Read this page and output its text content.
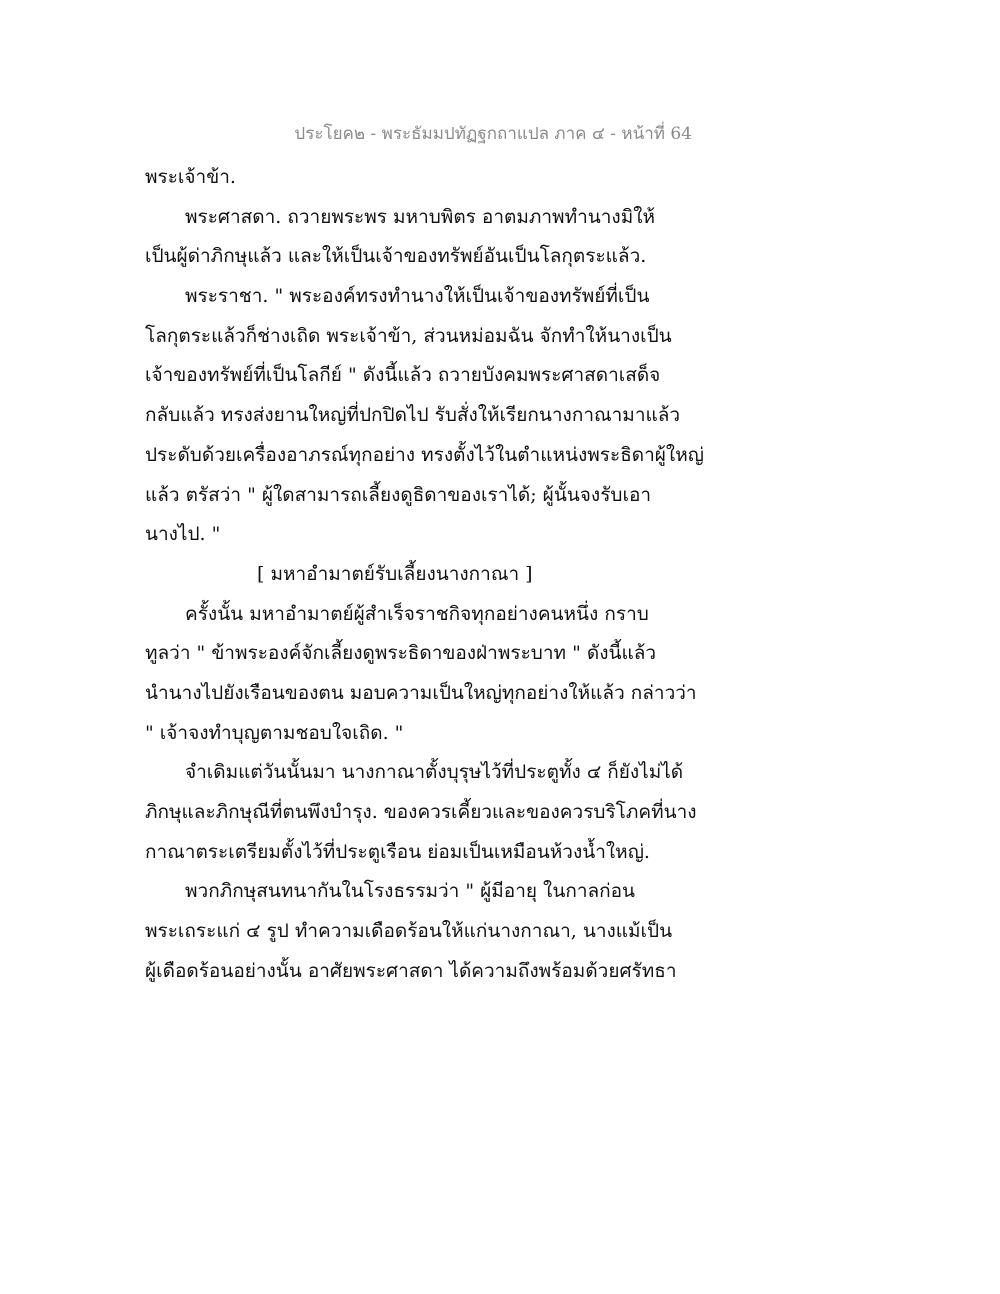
ประโยค๒ - พระธัมมปทัฏฐกถาแปล ภาค ๔ - หน้าที่ 64
พระเจ้าข้า.
พระศาสดา. ถวายพระพร มหาบพิตร อาตมภาพทำนางมิให้
เป็นผู้ด่าภิกษุแล้ว และให้เป็นเจ้าของทรัพย์อันเป็นโลกุตระแล้ว.
พระราชา. " พระองค์ทรงทำนางให้เป็นเจ้าของทรัพย์ที่เป็น
โลกุตระแล้วก็ช่างเถิด พระเจ้าข้า, ส่วนหม่อมฉัน จักทำให้นางเป็น
เจ้าของทรัพย์ที่เป็นโลกีย์ " ดังนี้แล้ว ถวายบังคมพระศาสดาเสด็จ
กลับแล้ว ทรงส่งยานใหญ่ที่ปกปิดไป รับสั่งให้เรียกนางกาณามาแล้ว
ประดับด้วยเครื่องอาภรณ์ทุกอย่าง ทรงตั้งไว้ในตำแหน่งพระธิดาผู้ใหญ่
แล้ว ตรัสว่า " ผู้ใดสามารถเลี้ยงดูธิดาของเราได้; ผู้นั้นจงรับเอา
นางไป. "
[ มหาอำมาตย์รับเลี้ยงนางกาณา ]
ครั้งนั้น มหาอำมาตย์ผู้สำเร็จราชกิจทุกอย่างคนหนึ่ง กราบ
ทูลว่า " ข้าพระองค์จักเลี้ยงดูพระธิดาของฝ่าพระบาท " ดังนี้แล้ว
นำนางไปยังเรือนของตน มอบความเป็นใหญ่ทุกอย่างให้แล้ว กล่าวว่า
" เจ้าจงทำบุญตามชอบใจเถิด. "
จำเดิมแต่วันนั้นมา นางกาณาตั้งบุรุษไว้ที่ประตูทั้ง ๔ ก็ยังไม่ได้
ภิกษุและภิกษุณีที่ตนพึงบำรุง. ของควรเคี้ยวและของควรบริโภคที่นาง
กาณาตระเตรียมตั้งไว้ที่ประตูเรือน ย่อมเป็นเหมือนห้วงน้ำใหญ่.
พวกภิกษุสนทนากันในโรงธรรมว่า " ผู้มีอายุ ในกาลก่อน
พระเถระแก่ ๔ รูป ทำความเดือดร้อนให้แก่นางกาณา, นางแม้เป็น
ผู้เดือดร้อนอย่างนั้น อาศัยพระศาสดา ได้ความถึงพร้อมด้วยศรัทธา
